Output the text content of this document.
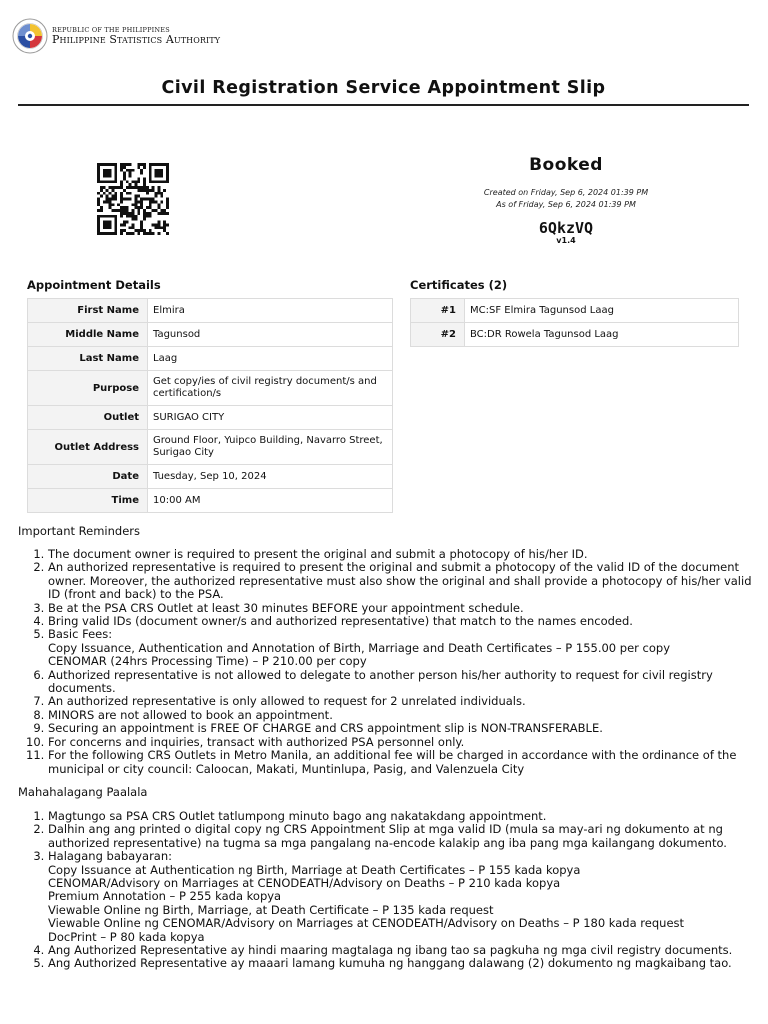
REPUBLIC OF THE PHILIPPINES
Philippine Statistics Authority
Civil Registration Service Appointment Slip
Booked
Created on Friday, Sep 6, 2024 01:39 PM
As of Friday, Sep 6, 2024 01:39 PM
6QkzVQ
v1.4
Appointment Details
First Name	Elmira
Middle Name	Tagunsod
Last Name	Laag
Purpose	Get copy/ies of civil registry document/s and certification/s
Outlet	SURIGAO CITY
Outlet Address	Ground Floor, Yuipco Building, Navarro Street, Surigao City
Date	Tuesday, Sep 10, 2024
Time	10:00 AM
Certificates (2)
#1	MC:SF Elmira Tagunsod Laag
#2	BC:DR Rowela Tagunsod Laag
Important Reminders
1. The document owner is required to present the original and submit a photocopy of his/her ID.
2. An authorized representative is required to present the original and submit a photocopy of the valid ID of the document owner. Moreover, the authorized representative must also show the original and shall provide a photocopy of his/her valid ID (front and back) to the PSA.
3. Be at the PSA CRS Outlet at least 30 minutes BEFORE your appointment schedule.
4. Bring valid IDs (document owner/s and authorized representative) that match to the names encoded.
5. Basic Fees:
Copy Issuance, Authentication and Annotation of Birth, Marriage and Death Certificates – P 155.00 per copy
CENOMAR (24hrs Processing Time) – P 210.00 per copy
6. Authorized representative is not allowed to delegate to another person his/her authority to request for civil registry documents.
7. An authorized representative is only allowed to request for 2 unrelated individuals.
8. MINORS are not allowed to book an appointment.
9. Securing an appointment is FREE OF CHARGE and CRS appointment slip is NON-TRANSFERABLE.
10. For concerns and inquiries, transact with authorized PSA personnel only.
11. For the following CRS Outlets in Metro Manila, an additional fee will be charged in accordance with the ordinance of the municipal or city council: Caloocan, Makati, Muntinlupa, Pasig, and Valenzuela City
Mahahalagang Paalala
1. Magtungo sa PSA CRS Outlet tatlumpong minuto bago ang nakatakdang appointment.
2. Dalhin ang ang printed o digital copy ng CRS Appointment Slip at mga valid ID (mula sa may-ari ng dokumento at ng authorized representative) na tugma sa mga pangalang na-encode kalakip ang iba pang mga kailangang dokumento.
3. Halagang babayaran:
Copy Issuance at Authentication ng Birth, Marriage at Death Certificates – P 155 kada kopya
CENOMAR/Advisory on Marriages at CENODEATH/Advisory on Deaths – P 210 kada kopya
Premium Annotation – P 255 kada kopya
Viewable Online ng Birth, Marriage, at Death Certificate – P 135 kada request
Viewable Online ng CENOMAR/Advisory on Marriages at CENODEATH/Advisory on Deaths – P 180 kada request
DocPrint – P 80 kada kopya
4. Ang Authorized Representative ay hindi maaring magtalaga ng ibang tao sa pagkuha ng mga civil registry documents.
5. Ang Authorized Representative ay maaari lamang kumuha ng hanggang dalawang (2) dokumento ng magkaibang tao.
